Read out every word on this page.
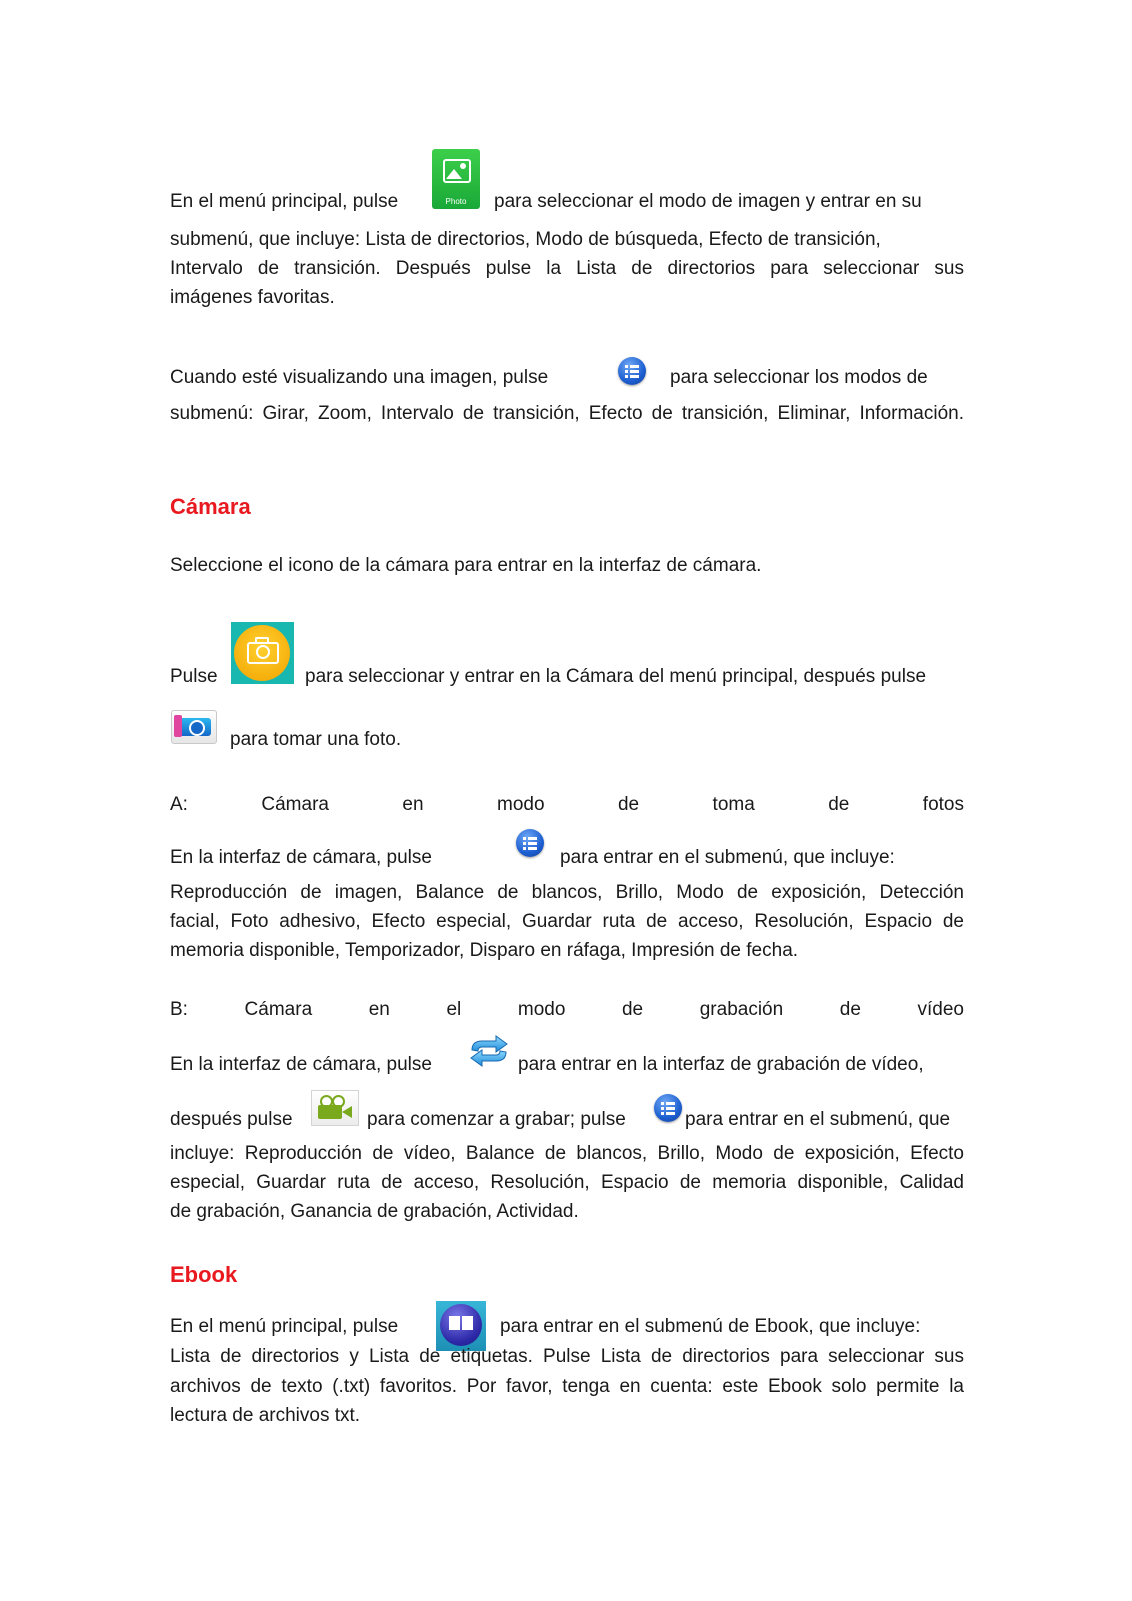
Photo
En el menú principal, pulse	para seleccionar el modo de imagen y entrar en su
submenú, que incluye: Lista de directorios, Modo de búsqueda, Efecto de transición,
Intervalo de transición. Después pulse la Lista de directorios para seleccionar sus
imágenes favoritas.
Cuando esté visualizando una imagen, pulse	para seleccionar los modos de
submenú: Girar, Zoom, Intervalo de transición, Efecto de transición, Eliminar, Información.
Cámara
Seleccione el icono de la cámara para entrar en la interfaz de cámara.
Pulse	para seleccionar y entrar en la Cámara del menú principal, después pulse
para tomar una foto.
A: Cámara en modo de toma de fotos
En la interfaz de cámara, pulse	para entrar en el submenú, que incluye:
Reproducción de imagen, Balance de blancos, Brillo, Modo de exposición, Detección
facial, Foto adhesivo, Efecto especial, Guardar ruta de acceso, Resolución, Espacio de
memoria disponible, Temporizador, Disparo en ráfaga, Impresión de fecha.
B: Cámara en el modo de grabación de vídeo
En la interfaz de cámara, pulse	para entrar en la interfaz de grabación de vídeo,
después pulse	para comenzar a grabar; pulse	para entrar en el submenú, que
incluye: Reproducción de vídeo, Balance de blancos, Brillo, Modo de exposición, Efecto
especial, Guardar ruta de acceso, Resolución, Espacio de memoria disponible, Calidad
de grabación, Ganancia de grabación, Actividad.
Ebook
En el menú principal, pulse	para entrar en el submenú de Ebook, que incluye:
Lista de directorios y Lista de etiquetas. Pulse Lista de directorios para seleccionar sus
archivos de texto (.txt) favoritos. Por favor, tenga en cuenta: este Ebook solo permite la
lectura de archivos txt.
